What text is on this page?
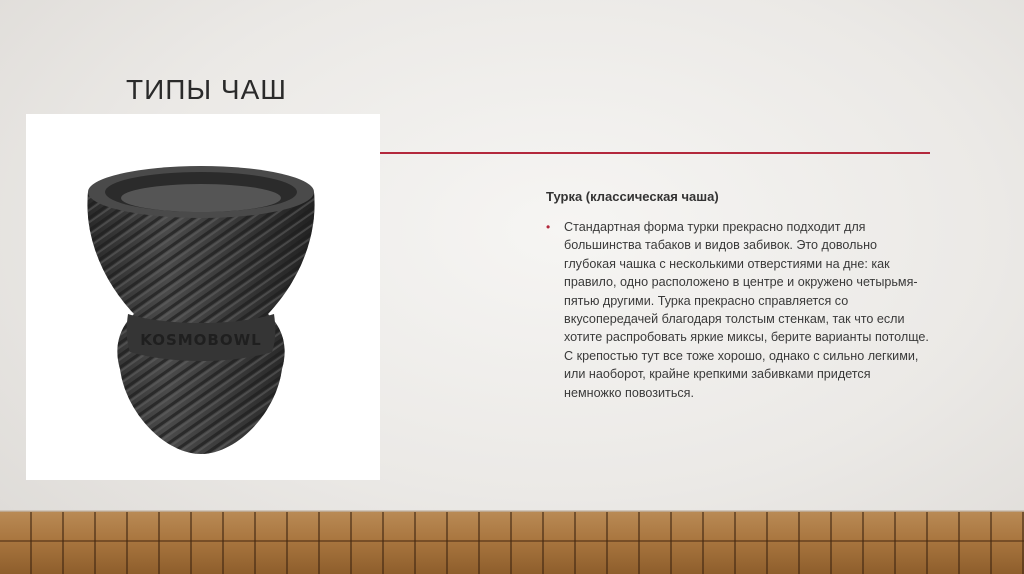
ТИПЫ ЧАШ
KOSMOBOWL

Турка (классическая чаша)

•	Стандартная форма турки прекрасно подходит для большинства табаков и видов забивок. Это довольно глубокая чашка с несколькими отверстиями на дне: как правило, одно расположено в центре и окружено четырьмя-пятью другими. Турка прекрасно справляется со вкусопередачей благодаря толстым стенкам, так что если хотите распробовать яркие миксы, берите варианты потолще. С крепостью тут все тоже хорошо, однако с сильно легкими, или наоборот, крайне крепкими забивками придется немножко повозиться.
